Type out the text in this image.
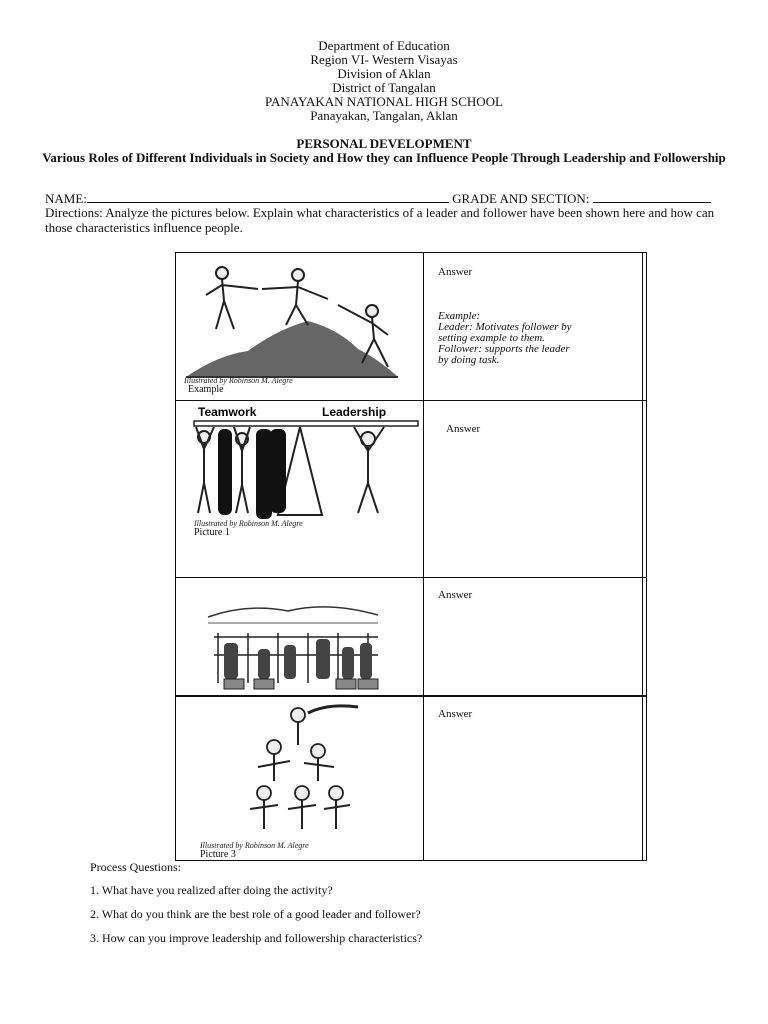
Department of Education
Region VI- Western Visayas
Division of Aklan
District of Tangalan
PANAYAKAN NATIONAL HIGH SCHOOL
Panayakan, Tangalan, Aklan
PERSONAL DEVELOPMENT
Various Roles of Different Individuals in Society and How they can Influence People Through Leadership and Followership
NAME:	GRADE AND SECTION:
Directions: Analyze the pictures below. Explain what characteristics of a leader and follower have been shown here and how can those characteristics influence people.
Illustrated by Robinson M. Alegre
Example
Answer
Example:
Leader: Motivates follower by
setting example to them.
Follower: supports the leader
by doing task.
Teamwork	Leadership
Illustrated by Robinson M. Alegre
Picture 1
Answer
Answer
Illustrated by Robinson M. Alegre
Picture 3
Answer
Process Questions:
1. What have you realized after doing the activity?
2. What do you think are the best role of a good leader and follower?
3. How can you improve leadership and followership characteristics?
